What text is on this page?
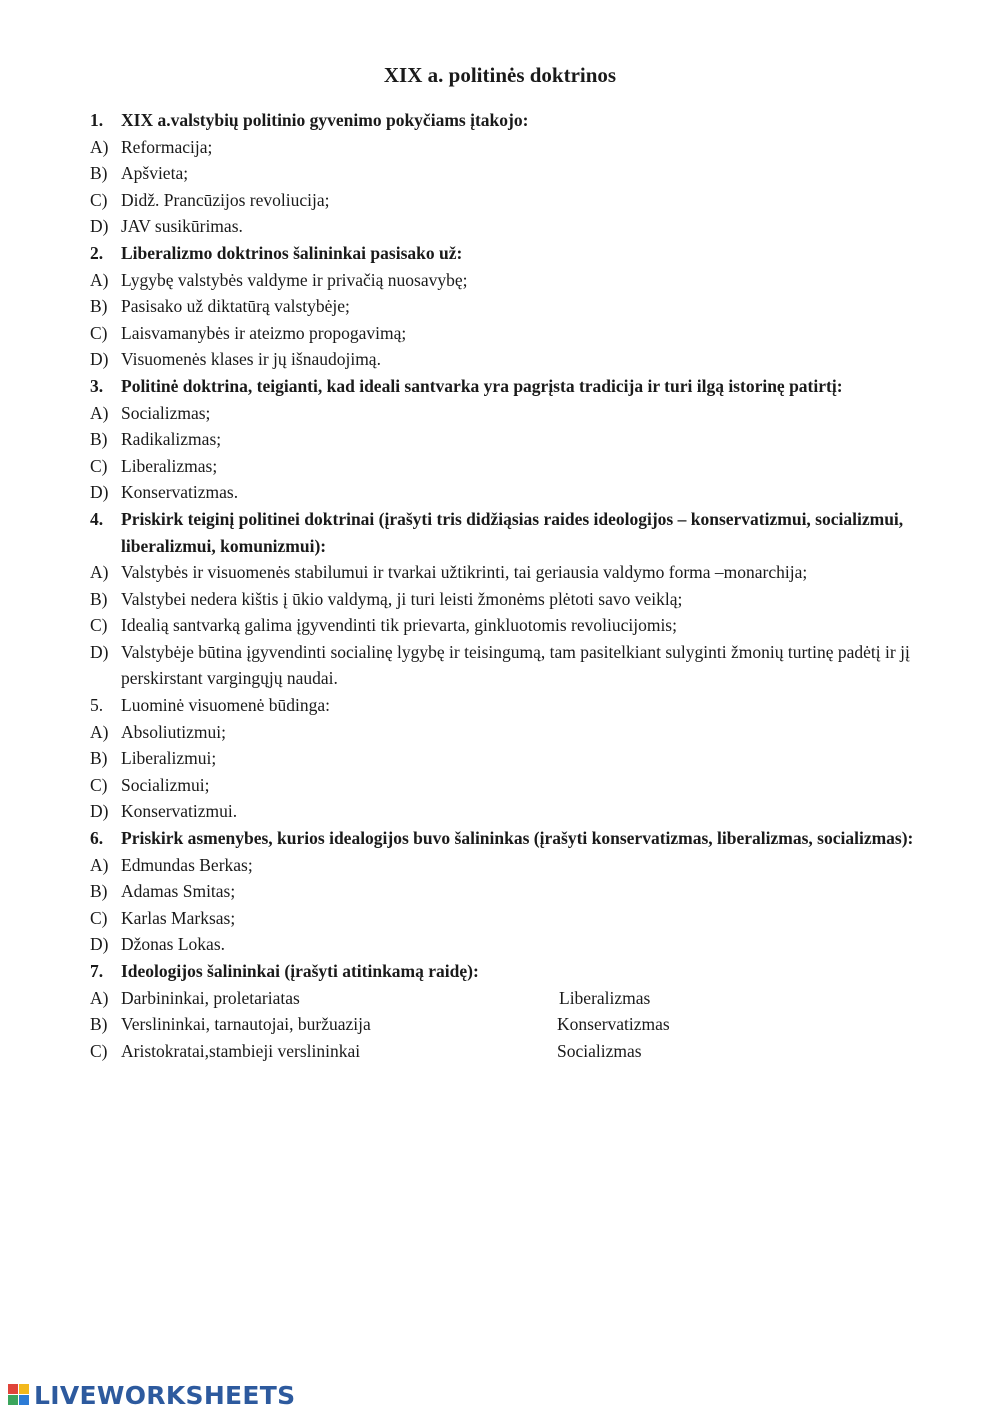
XIX a. politinės doktrinos
1. XIX a.valstybių politinio gyvenimo pokyčiams įtakojo:
A) Reformacija;
B) Apšvieta;
C) Didž. Prancūzijos revoliucija;
D) JAV susikūrimas.
2. Liberalizmo doktrinos šalininkai pasisako už:
A) Lygybę valstybės valdyme ir privačią nuosavybę;
B) Pasisako už diktatūrą valstybėje;
C) Laisvamanybės ir ateizmo propogavimą;
D) Visuomenės klases ir jų išnaudojimą.
3. Politinė doktrina, teigianti, kad ideali santvarka yra pagrįsta tradicija ir turi ilgą istorinę patirtį:
A) Socializmas;
B) Radikalizmas;
C) Liberalizmas;
D) Konservatizmas.
4. Priskirk teiginį politinei doktrinai (įrašyti tris didžiąsias raides ideologijos – konservatizmui, socializmui, liberalizmui, komunizmui):
A) Valstybės ir visuomenės stabilumui ir tvarkai užtikrinti, tai geriausia valdymo forma –monarchija;
B) Valstybei nedera kištis į ūkio valdymą, ji turi leisti žmonėms plėtoti savo veiklą;
C) Idealią santvarką galima įgyvendinti tik prievarta, ginkluotomis revoliucijomis;
D) Valstybėje būtina įgyvendinti socialinę lygybę ir teisingumą, tam pasitelkiant sulyginti žmonių turtinę padėtį ir jį perskirstant vargingųjų naudai.
5. Luominė visuomenė būdinga:
A) Absoliutizmui;
B) Liberalizmui;
C) Socializmui;
D) Konservatizmui.
6. Priskirk asmenybes, kurios idealogijos buvo šalininkas (įrašyti konservatizmas, liberalizmas, socializmas):
A) Edmundas Berkas;
B) Adamas Smitas;
C) Karlas Marksas;
D) Džonas Lokas.
7. Ideologijos šalininkai (įrašyti atitinkamą raidę):
A) Darbininkai, proletariatas	Liberalizmas
B) Verslininkai, tarnautojai, buržuazija	Konservatizmas
C) Aristokratai,stambieji verslininkai	Socializmas
LIVEWORKSHEETS
